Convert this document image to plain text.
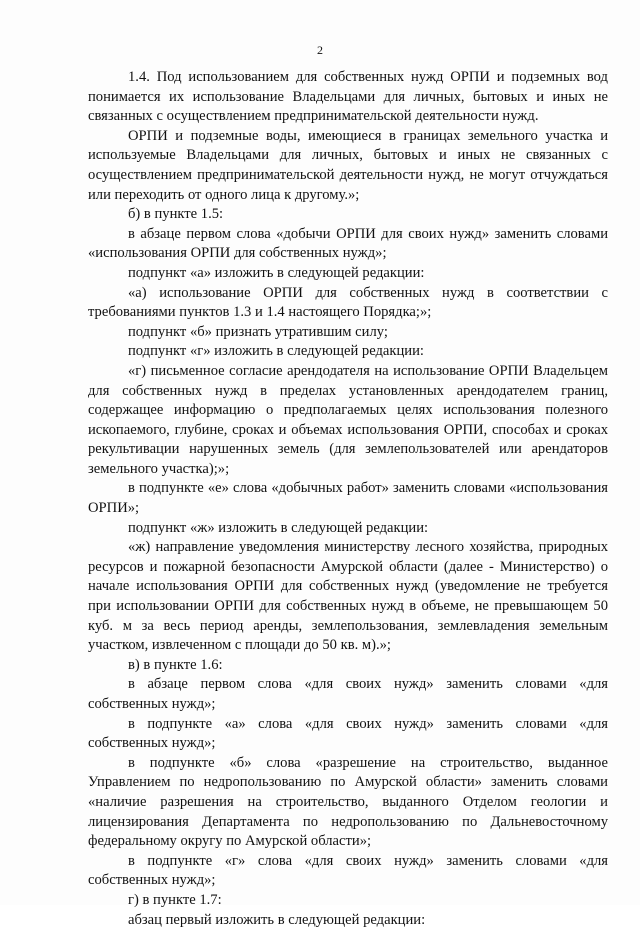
2

1.4. Под использованием для собственных нужд ОРПИ и подземных вод понимается их использование Владельцами для личных, бытовых и иных не связанных с осуществлением предпринимательской деятельности нужд.

ОРПИ и подземные воды, имеющиеся в границах земельного участка и используемые Владельцами для личных, бытовых и иных не связанных с осуществлением предпринимательской деятельности нужд, не могут отчуждаться или переходить от одного лица к другому.»;

б) в пункте 1.5:

в абзаце первом слова «добычи ОРПИ для своих нужд» заменить словами «использования ОРПИ для собственных нужд»;

подпункт «а» изложить в следующей редакции:

«а) использование ОРПИ для собственных нужд в соответствии с требованиями пунктов 1.3 и 1.4 настоящего Порядка;»;

подпункт «б» признать утратившим силу;

подпункт «г» изложить в следующей редакции:

«г) письменное согласие арендодателя на использование ОРПИ Владельцем для собственных нужд в пределах установленных арендодателем границ, содержащее информацию о предполагаемых целях использования полезного ископаемого, глубине, сроках и объемах использования ОРПИ, способах и сроках рекультивации нарушенных земель (для землепользователей или арендаторов земельного участка);»;

в подпункте «е» слова «добычных работ» заменить словами «использования ОРПИ»;

подпункт «ж» изложить в следующей редакции:

«ж) направление уведомления министерству лесного хозяйства, природных ресурсов и пожарной безопасности Амурской области (далее - Министерство) о начале использования ОРПИ для собственных нужд (уведомление не требуется при использовании ОРПИ для собственных нужд в объеме, не превышающем 50 куб. м за весь период аренды, землепользования, землевладения земельным участком, извлеченном с площади до 50 кв. м).»;

в) в пункте 1.6:

в абзаце первом слова «для своих нужд» заменить словами «для собственных нужд»;

в подпункте «а» слова «для своих нужд» заменить словами «для собственных нужд»;

в подпункте «б» слова «разрешение на строительство, выданное Управлением по недропользованию по Амурской области» заменить словами «наличие разрешения на строительство, выданного Отделом геологии и лицензирования Департамента по недропользованию по Дальневосточному федеральному округу по Амурской области»;

в подпункте «г» слова «для своих нужд» заменить словами «для собственных нужд»;

г) в пункте 1.7:

абзац первый изложить в следующей редакции:
